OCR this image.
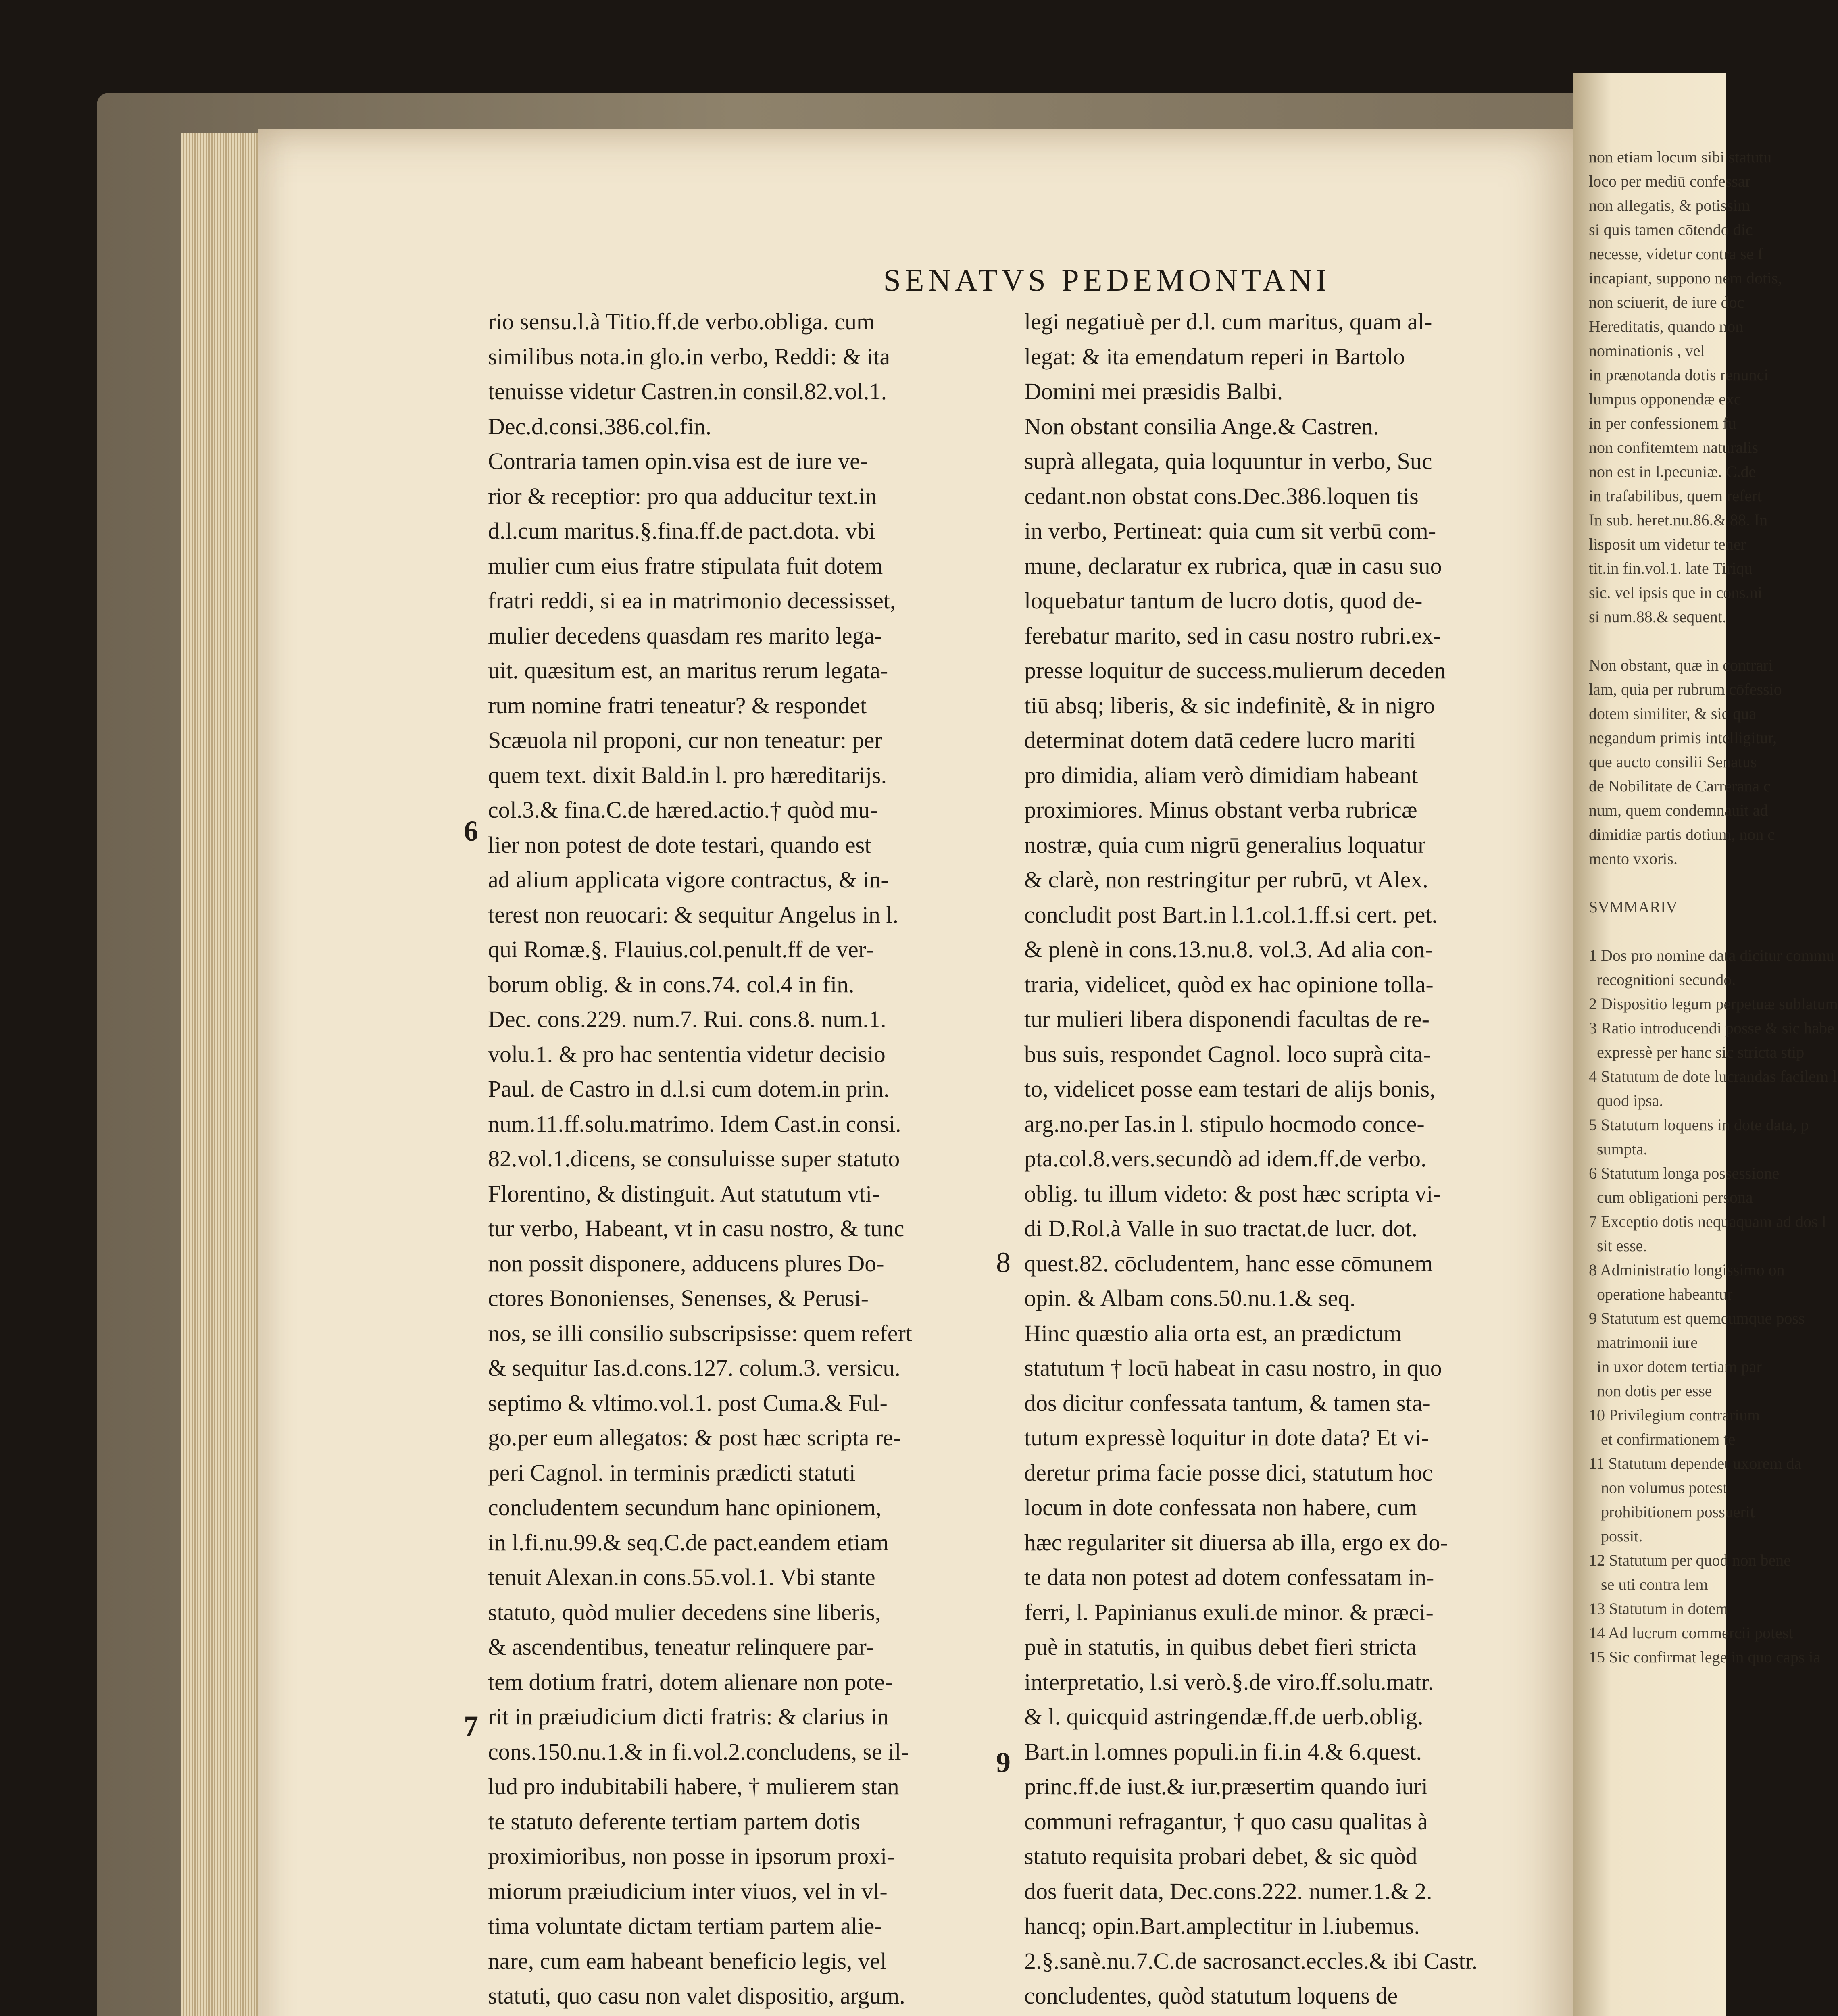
non etiam locum sibi statutu
loco per mediū confessar
non allegatis, & potissim
si quis tamen cōtendo dic
necesse, videtur contra se f
incapiant, suppono nem dotis,
non sciuerit, de iure doc
Hereditatis, quando non
nominationis , vel
in prænotanda dotis renunci
lumpus opponendæ exc
in per confessionem fu
non confitemtem naturalis
non est in l.pecuniæ. C.de
in trafabilibus, quem refert
In sub. heret.nu.86.& 88. In
lisposit um videtur tener
tit.in fin.vol.1. late Tiriqu
sic. vel ipsis que in cons.ni
si num.88.& sequent.

Non obstant, quæ in contrari
lam, quia per rubrum cōfessio
dotem similiter, & sic qua
negandum primis intelligitur,
que aucto consilii Senatus
de Nobilitate de Carrerana c
num, quem condemnauit ad
dimidiæ partis dotium, non c
mento vxoris.

SVMMARIV

1 Dos pro nomine data dicitur commu
recognitioni secundo.
2 Dispositio legum perpetuæ sublatum
3 Ratio introducendi posse & sic habe
expressè per hanc sic stricta stip
4 Statutum de dote lucrandas facilem l
quod ipsa.
5 Statutum loquens in dote data, p
sumpta.
6 Statutum longa possessione
cum obligationi persona
7 Exceptio dotis nequaquam ad dos l
sit esse.
8 Administratio longissimo on
operatione habeantur
9 Statutum est quemcumque poss
matrimonii iure
in uxor dotem tertiam par
non dotis per esse
10 Privilegium contrarium
et confirmationem te
11 Statutum dependet uxorem da
non volumus potest
prohibitionem possuerit
possit.
12 Statutum per quod non bene
se uti contra lem
13 Statutum in dotem
14 Ad lucrum commercii potest
15 Sic confirmat lege in quo caps ia
SENATVS PEDEMONTANI
rio sensu.l.à Titio.ff.de verbo.obliga. cum
similibus nota.in glo.in verbo, Reddi: & ita
tenuisse videtur Castren.in consil.82.vol.1.
Dec.d.consi.386.col.fin.
Contraria tamen opin.visa est de iure ve-
rior & receptior: pro qua adducitur text.in
d.l.cum maritus.§.fina.ff.de pact.dota. vbi
mulier cum eius fratre stipulata fuit dotem
fratri reddi, si ea in matrimonio decessisset,
mulier decedens quasdam res marito lega-
uit. quæsitum est, an maritus rerum legata-
rum nomine fratri teneatur? & respondet
Scæuola nil proponi, cur non teneatur: per
quem text. dixit Bald.in l. pro hæreditarijs.
col.3.& fina.C.de hæred.actio.† quòd mu-
lier non potest de dote testari, quando est
ad alium applicata vigore contractus, & in-
terest non reuocari: & sequitur Angelus in l.
qui Romæ.§. Flauius.col.penult.ff de ver-
borum oblig. & in cons.74. col.4 in fin.
Dec. cons.229. num.7. Rui. cons.8. num.1.
volu.1. & pro hac sententia videtur decisio
Paul. de Castro in d.l.si cum dotem.in prin.
num.11.ff.solu.matrimo. Idem Cast.in consi.
82.vol.1.dicens, se consuluisse super statuto
Florentino, & distinguit. Aut statutum vti-
tur verbo, Habeant, vt in casu nostro, & tunc
non possit disponere, adducens plures Do-
ctores Bononienses, Senenses, & Perusi-
nos, se illi consilio subscripsisse: quem refert
& sequitur Ias.d.cons.127. colum.3. versicu.
septimo & vltimo.vol.1. post Cuma.& Ful-
go.per eum allegatos: & post hæc scripta re-
peri Cagnol. in terminis prædicti statuti
concludentem secundum hanc opinionem,
in l.fi.nu.99.& seq.C.de pact.eandem etiam
tenuit Alexan.in cons.55.vol.1. Vbi stante
statuto, quòd mulier decedens sine liberis,
& ascendentibus, teneatur relinquere par-
tem dotium fratri, dotem alienare non pote-
rit in præiudicium dicti fratris: & clarius in
cons.150.nu.1.& in fi.vol.2.concludens, se il-
lud pro indubitabili habere, † mulierem stan
te statuto deferente tertiam partem dotis
proximioribus, non posse in ipsorum proxi-
miorum præiudicium inter viuos, vel in vl-
tima voluntate dictam tertiam partem alie-
nare, cum eam habeant beneficio legis, vel
statuti, quo casu non valet dispositio, argum.
legi negatiuè per d.l. cum maritus, quam al-
legat: & ita emendatum reperi in Bartolo
Domini mei præsidis Balbi.
Non obstant consilia Ange.& Castren.
suprà allegata, quia loquuntur in verbo, Suc
cedant.non obstat cons.Dec.386.loquen tis
in verbo, Pertineat: quia cum sit verbū com-
mune, declaratur ex rubrica, quæ in casu suo
loquebatur tantum de lucro dotis, quod de-
ferebatur marito, sed in casu nostro rubri.ex-
presse loquitur de success.mulierum deceden
tiū absq; liberis, & sic indefinitè, & in nigro
determinat dotem datā cedere lucro mariti
pro dimidia, aliam verò dimidiam habeant
proximiores. Minus obstant verba rubricæ
nostræ, quia cum nigrū generalius loquatur
& clarè, non restringitur per rubrū, vt Alex.
concludit post Bart.in l.1.col.1.ff.si cert. pet.
& plenè in cons.13.nu.8. vol.3. Ad alia con-
traria, videlicet, quòd ex hac opinione tolla-
tur mulieri libera disponendi facultas de re-
bus suis, respondet Cagnol. loco suprà cita-
to, videlicet posse eam testari de alijs bonis,
arg.no.per Ias.in l. stipulo hocmodo conce-
pta.col.8.vers.secundò ad idem.ff.de verbo.
oblig. tu illum videto: & post hæc scripta vi-
di D.Rol.à Valle in suo tractat.de lucr. dot.
quest.82. cōcludentem, hanc esse cōmunem
opin. & Albam cons.50.nu.1.& seq.
Hinc quæstio alia orta est, an prædictum
statutum † locū habeat in casu nostro, in quo
dos dicitur confessata tantum, & tamen sta-
tutum expressè loquitur in dote data? Et vi-
deretur prima facie posse dici, statutum hoc
locum in dote confessata non habere, cum
hæc regulariter sit diuersa ab illa, ergo ex do-
te data non potest ad dotem confessatam in-
ferri, l. Papinianus exuli.de minor. & præci-
puè in statutis, in quibus debet fieri stricta
interpretatio, l.si verò.§.de viro.ff.solu.matr.
& l. quicquid astringendæ.ff.de uerb.oblig.
Bart.in l.omnes populi.in fi.in 4.& 6.quest.
princ.ff.de iust.& iur.præsertim quando iuri
communi refragantur, † quo casu qualitas à
statuto requisita probari debet, & sic quòd
dos fuerit data, Dec.cons.222. numer.1.& 2.
hancq; opin.Bart.amplectitur in l.iubemus.
2.§.sanè.nu.7.C.de sacrosanct.eccles.& ibi Castr.
concludentes, quòd statutum loquens de
6
7
8
9
